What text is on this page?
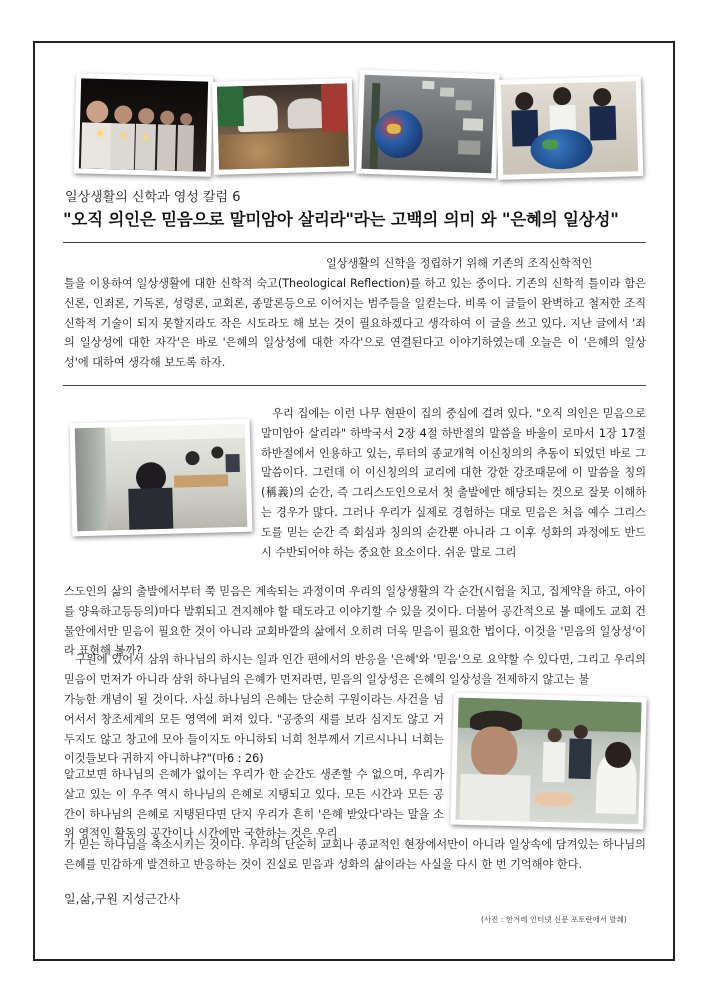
일상생활의 신학과 영성 칼럼 6
"오직 의인은 믿음으로 말미암아 살리라"라는 고백의 의미 와 "은혜의 일상성"
일상생활의 신학을 정립하기 위해 기존의 조직신학적인
틀을 이용하여 일상생활에 대한 신학적 숙고(Theological Reflection)를 하고 있는 중이다. 기존의 신학적 틀이라 함은 신론, 인죄론, 기독론, 성령론, 교회론, 종말론등으로 이어지는 범주들을 일컫는다. 비록 이 글들이 완벽하고 철저한 조직신학적 기술이 되지 못할지라도 작은 시도라도 해 보는 것이 필요하겠다고 생각하여 이 글을 쓰고 있다. 지난 글에서 '죄의 일상성에 대한 자각'은 바로 '은혜의 일상성에 대한 자각'으로 연결된다고 이야기하였는데 오늘은 이 '은혜의 일상성'에 대하여 생각해 보도록 하자.
우리 집에는 이런 나무 현판이 집의 중심에 걸려 있다. "오직 의인은 믿음으로 말미암아 살리라" 하박국서 2장 4절 하반절의 말씀을 바울이 로마서 1장 17절 하반절에서 인용하고 있는, 루터의 종교개혁 이신칭의의 추동이 되었던 바로 그 말씀이다. 그런데 이 이신칭의의 교리에 대한 강한 강조때문에 이 말씀을 칭의(稱義)의 순간, 즉 그리스도인으로서 첫 출발에만 해당되는 것으로 잘못 이해하는 경우가 많다. 그러나 우리가 실제로 경험하는 대로 믿음은 처음 예수 그리스도를 믿는 순간 즉 회심과 칭의의 순간뿐 아니라 그 이후 성화의 과정에도 반드시 수반되어야 하는 중요한 요소이다. 쉬운 말로 그리
스도인의 삶의 출발에서부터 쭉 믿음은 계속되는 과정이며 우리의 일상생활의 각 순간(시험을 치고, 집계약을 하고, 아이를 양육하고등등의)마다 발휘되고 견지해야 할 태도라고 이야기할 수 있을 것이다. 더불어 공간적으로 볼 때에도 교회 건물안에서만 믿음이 필요한 것이 아니라 교회바깥의 삶에서 오히려 더욱 믿음이 필요한 법이다. 이것을 '믿음의 일상성'이라 표현해 볼까?
구원에 있어서 삼위 하나님의 하시는 일과 인간 편에서의 반응을 '은혜'와 '믿음'으로 요약할 수 있다면, 그리고 우리의 믿음이 먼저가 아니라 삼위 하나님의 은혜가 먼저라면, 믿음의 일상성은 은혜의 일상성을 전제하지 않고는 불
가능한 개념이 될 것이다. 사실 하나님의 은혜는 단순히 구원이라는 사건을 넘어서서 창조세계의 모든 영역에 퍼져 있다. "공중의 새를 보라 심지도 않고 거두지도 않고 창고에 모아 들이지도 아니하되 너희 천부께서 기르시나니 너희는 이것들보다 귀하지 아니하냐?"(마6 : 26)
알고보면 하나님의 은혜가 없이는 우리가 한 순간도 생존할 수 없으며, 우리가 살고 있는 이 우주 역시 하나님의 은혜로 지탱되고 있다. 모든 시간과 모든 공간이 하나님의 은혜로 지탱된다면 단지 우리가 흔히 '은혜 받았다'라는 말을 소위 영적인 활동의 공간이나 시간에만 국한하는 것은 우리
가 믿는 하나님을 축소시키는 것이다. 우리의 단순히 교회나 종교적인 현장에서만이 아니라 일상속에 담겨있는 하나님의 은혜를 민감하게 발견하고 반응하는 것이 진실로 믿음과 성화의 삶이라는 사실을 다시 한 번 기억해야 한다.
일,삶,구원 지성근간사
(사진 : 한겨레 인터넷 신문 포토란에서 발췌)
